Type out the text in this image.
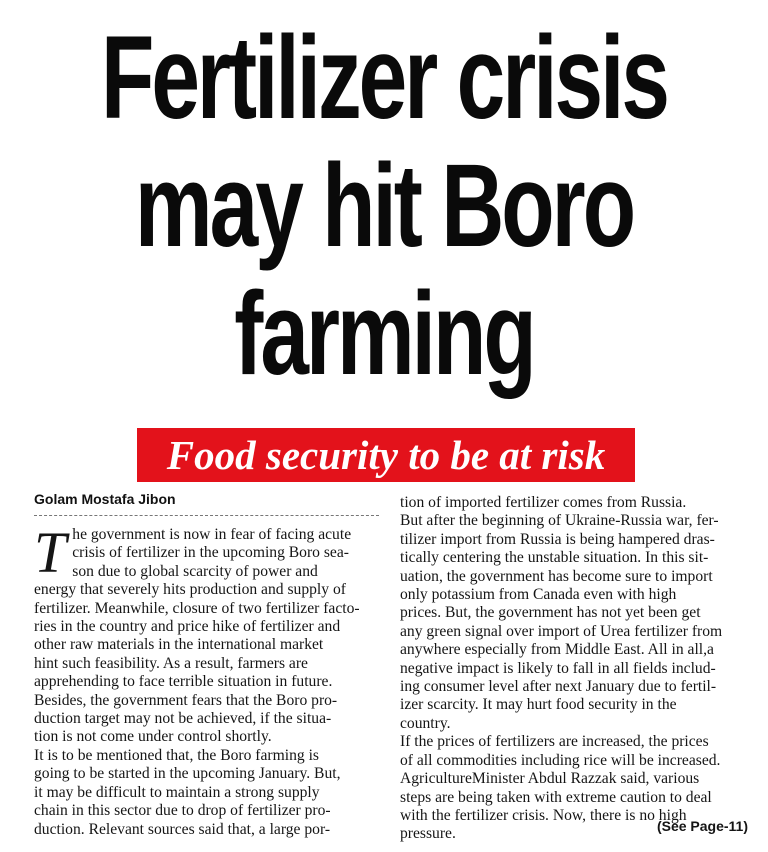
Fertilizer crisis
may hit Boro
farming
Food security to be at risk
Golam Mostafa Jibon
T he government is now in fear of facing acute
crisis of fertilizer in the upcoming Boro sea-
son due to global scarcity of power and
energy that severely hits production and supply of
fertilizer. Meanwhile, closure of two fertilizer facto-
ries in the country and price hike of fertilizer and
other raw materials in the international market
hint such feasibility. As a result, farmers are
apprehending to face terrible situation in future.
Besides, the government fears that the Boro pro-
duction target may not be achieved, if the situa-
tion is not come under control shortly.
It is to be mentioned that, the Boro farming is
going to be started in the upcoming January. But,
it may be difficult to maintain a strong supply
chain in this sector due to drop of fertilizer pro-
duction. Relevant sources said that, a large por-

tion of imported fertilizer comes from Russia.
But after the beginning of Ukraine-Russia war, fer-
tilizer import from Russia is being hampered dras-
tically centering the unstable situation. In this sit-
uation, the government has become sure to import
only potassium from Canada even with high
prices. But, the government has not yet been get
any green signal over import of Urea fertilizer from
anywhere especially from Middle East. All in all,a
negative impact is likely to fall in all fields includ-
ing consumer level after next January due to fertil-
izer scarcity. It may hurt food security in the
country.
If the prices of fertilizers are increased, the prices
of all commodities including rice will be increased.
AgricultureMinister Abdul Razzak said, various
steps are being taken with extreme caution to deal
with the fertilizer crisis. Now, there is no high
pressure.	(See Page-11)
